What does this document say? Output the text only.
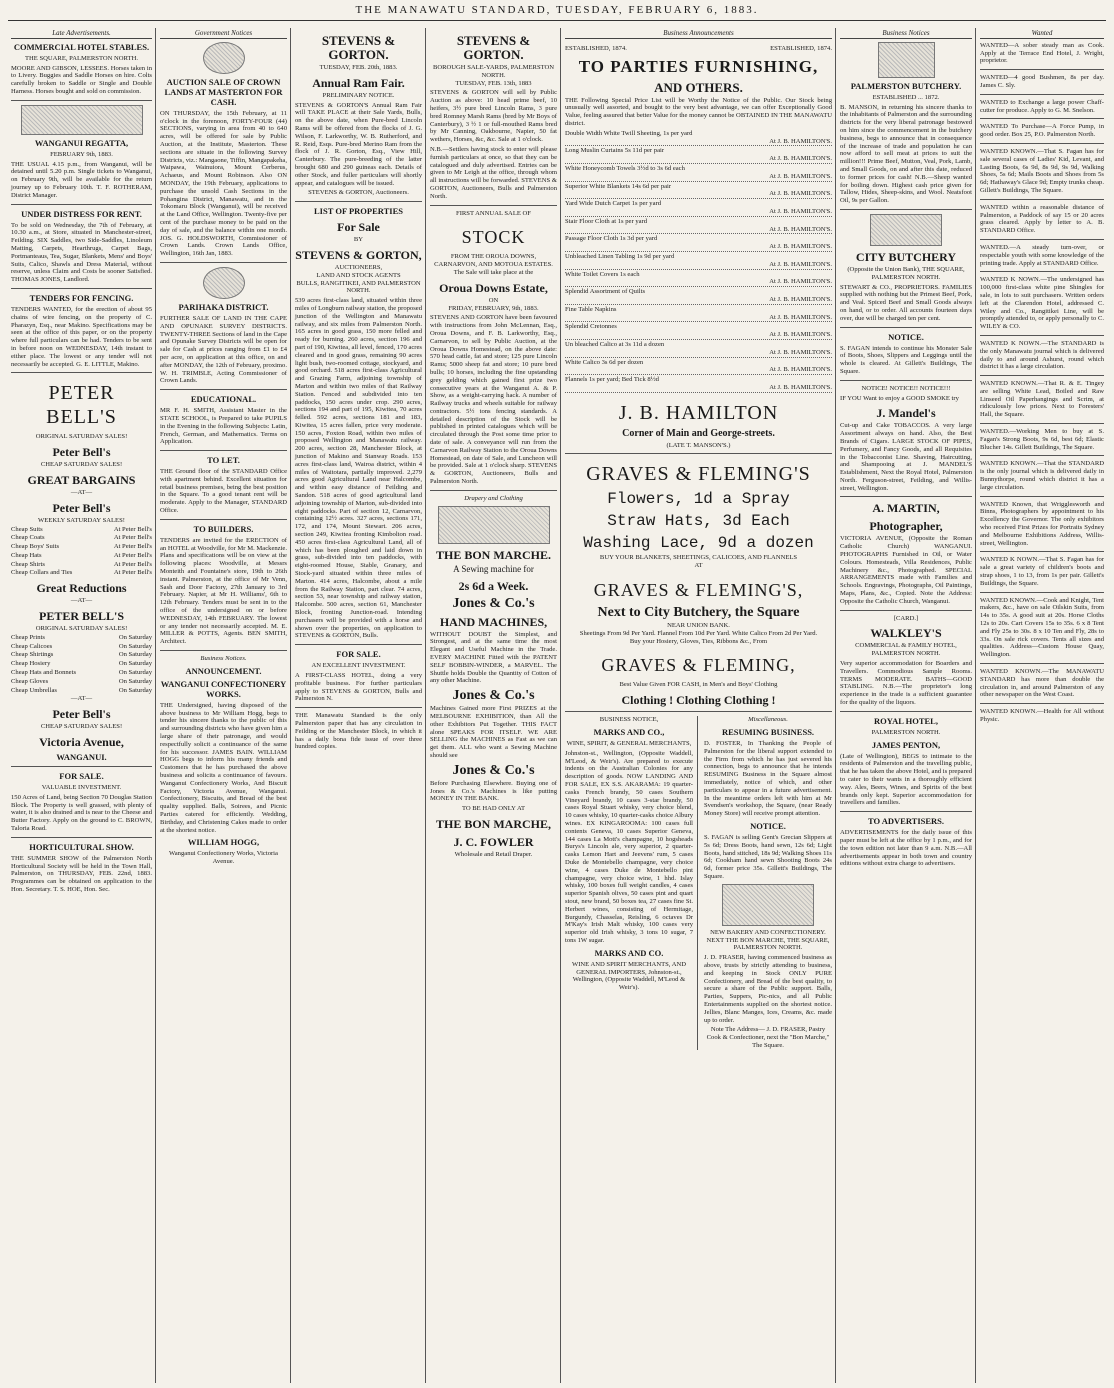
THE MANAWATU STANDARD, TUESDAY, FEBRUARY 6, 1883.
Late Advertisements.
COMMERCIAL HOTEL STABLES.
THE SQUARE, PALMERSTON NORTH.
MOORE AND GIBSON, LESSEES. Horses taken in to Livery. Buggies and Saddle Horses on hire. Colts carefully broken to Saddle or Single and Double Harness. Horses bought and sold on commission.
WANGANUI REGATTA,
FEBRUARY 9th, 1883.
THE USUAL 4.15 p.m., from Wanganui, will be detained until 5.20 p.m. Single tickets to Wanganui, on February 9th, will be available for the return journey up to February 10th. T. F. ROTHERAM, District Manager.
UNDER DISTRESS FOR RENT.
To be sold on Wednesday, the 7th of February, at 10.30 a.m., at Store, situated in Manchester-street, Feilding. SIX Saddles, two Side-Saddles, Linoleum Matting, Carpets, Hearthrugs, Carpet Bags, Portmanteaus, Tea, Sugar, Blankets, Mens' and Boys' Suits, Calico, Shawls and Dress Material, without reserve, unless Claim and Costs be sooner Satisfied. THOMAS JONES, Landlord.
TENDERS FOR FENCING.
TENDERS WANTED, for the erection of about 95 chains of wire fencing, on the property of C. Pharazyn, Esq., near Makino. Specifications may be seen at the office of this paper, or on the property where full particulars can be had. Tenders to be sent in before noon on WEDNESDAY, 14th instant to either place. The lowest or any tender will not necessarily be accepted. G. E. LITTLE, Makino.
PETER BELL'S
ORIGINAL SATURDAY SALES!
Peter Bell's
CHEAP SATURDAY SALES!
GREAT BARGAINS
—AT—
Peter Bell's
WEEKLY SATURDAY SALES!
Cheap Suits	At Peter Bell's
Cheap Coats	At Peter Bell's
Cheap Boys' Suits	At Peter Bell's
Cheap Hats	At Peter Bell's
Cheap Shirts	At Peter Bell's
Cheap Collars and Ties	At Peter Bell's
Great Reductions
—AT—
PETER BELL'S
ORIGINAL SATURDAY SALES!
Cheap Prints	On Saturday
Cheap Calicoes	On Saturday
Cheap Shirtings	On Saturday
Cheap Hosiery	On Saturday
Cheap Hats and Bonnets	On Saturday
Cheap Gloves	On Saturday
Cheap Umbrellas	On Saturday
—AT—
Peter Bell's
CHEAP SATURDAY SALES!
Victoria Avenue,
WANGANUI.
FOR SALE.
VALUABLE INVESTMENT.
150 Acres of Land, being Section 70 Douglas Station Block. The Property is well grassed, with plenty of water, it is also drained and is near to the Cheese and Butter Factory. Apply on the ground to C. BROWN, Taloria Road.
HORTICULTURAL SHOW.
THE SUMMER SHOW of the Palmerston North Horticultural Society will be held in the Town Hall, Palmerston, on THURSDAY, FEB. 22nd, 1883. Programmes can be obtained on application to the Hon. Secretary. T. S. HOE, Hon. Sec.
Government Notices
AUCTION SALE OF CROWN LANDS AT MASTERTON FOR CASH.
ON THURSDAY, the 15th February, at 11 o'clock in the forenoon, FORTY-FOUR (44) SECTIONS, varying in area from 40 to 640 acres, will be offered for sale by Public Auction, at the Institute, Masterton. These sections are situate in the following Survey Districts, viz.: Mangaone, Tiffin, Mangapakeha, Waipawa, Wainuiora, Mount Cerberus, Achaeus, and Mount Robinson. Also ON MONDAY, the 19th February, applications to purchase the unsold Cash Sections in the Pohangina District, Manawatu, and in the Tokomaru Block (Wanganui), will be received at the Land Office, Wellington. Twenty-five per cent of the purchase money to be paid on the day of sale, and the balance within one month. JOS. G. HOLDSWORTH, Commissioner of Crown Lands. Crown Lands Office, Wellington, 16th Jan, 1883.
PARIHAKA DISTRICT.
FURTHER SALE OF LAND IN THE CAPE AND OPUNAKE SURVEY DISTRICTS. TWENTY-THREE Sections of land in the Cape and Opunake Survey Districts will be open for sale for Cash at prices ranging from £1 to £4 per acre, on application at this office, on and after MONDAY, the 12th of February, proximo. W. H. TRIMBLE, Acting Commissioner of Crown Lands.
EDUCATIONAL.
MR F. H. SMITH, Assistant Master in the STATE SCHOOL, is Prepared to take PUPILS in the Evening in the following Subjects: Latin, French, German, and Mathematics. Terms on Application.
TO LET.
THE Ground floor of the STANDARD Office with apartment behind. Excellent situation for retail business premises, being the best position in the Square. To a good tenant rent will be moderate. Apply to the Manager, STANDARD Office.
TO BUILDERS.
TENDERS are invited for the ERECTION of an HOTEL at Woodville, for Mr M. Mackenzie. Plans and specifications will be on view at the following places: Woodville, at Messrs Monteith and Fountaine's store, 19th to 26th instant. Palmerston, at the office of Mr Venn, Sash and Door Factory, 27th January to 3rd February. Napier, at Mr H. Williams', 6th to 12th February. Tenders must be sent in to the office of the undersigned on or before WEDNESDAY, 14th FEBRUARY. The lowest or any tender not necessarily accepted. M. E. MILLER & POTTS, Agents. BEN SMITH, Architect.
Business Notices.
ANNOUNCEMENT.
WANGANUI CONFECTIONERY WORKS.
THE Undersigned, having disposed of the above business to Mr William Hogg, begs to tender his sincere thanks to the public of this and surrounding districts who have given him a large share of their patronage, and would respectfully solicit a continuance of the same for his successor. JAMES BAIN. WILLIAM HOGG begs to inform his many friends and Customers that he has purchased the above business and solicits a continuance of favours. Wanganui Confectionery Works, And Biscuit Factory, Victoria Avenue, Wanganui. Confectionery, Biscuits, and Bread of the best quality supplied. Balls, Soirees, and Picnic Parties catered for efficiently. Wedding, Birthday, and Christening Cakes made to order at the shortest notice.
WILLIAM HOGG,
Wanganui Confectionery Works, Victoria Avenue.
STEVENS & GORTON.
TUESDAY, FEB. 20th, 1883.
Annual Ram Fair.
PRELIMINARY NOTICE.
STEVENS & GORTON'S Annual Ram Fair will TAKE PLACE at their Sale Yards, Bulls, on the above date, when Pure-bred Lincoln Rams will be offered from the flocks of J. G. Wilson, F. Larkworthy, W. B. Rutherford, and R. Reid, Esqs. Pure-bred Merino Ram from the flock of J. R. Gorton, Esq., View Hill, Canterbury. The pure-breeding of the latter brought 680 and 290 guineas each. Details of other Stock, and fuller particulars will shortly appear, and catalogues will be issued.
STEVENS & GORTON, Auctioneers.
LIST OF PROPERTIES
For Sale
BY
STEVENS & GORTON,
AUCTIONEERS,
LAND AND STOCK AGENTS
BULLS, RANGITIKEI, AND PALMERSTON NORTH.
539 acres first-class land, situated within three miles of Longburn railway station, the proposed junction of the Wellington and Manawatu railway, and six miles from Palmerston North. 165 acres in good grass, 150 more felled and ready for burning. 260 acres, section 196 and part of 190, Kiwitea, all level, fenced, 170 acres cleared and in good grass, remaining 90 acres light bush, two-roomed cottage, stockyard, and good orchard. 518 acres first-class Agricultural and Grazing Farm, adjoining township of Marton and within two miles of that Railway Station. Fenced and subdivided into ten paddocks, 150 acres under crop. 290 acres, sections 194 and part of 195, Kiwitea, 70 acres felled. 592 acres, sections 181 and 183, Kiwitea, 15 acres fallen, price very moderate. 150 acres, Foxton Road, within two miles of proposed Wellington and Manawatu railway. 200 acres, section 28, Manchester Block, at junction of Makino and Stanway Roads. 153 acres first-class land, Wairoa district, within 4 miles of Waitotara, partially improved. 2,279 acres good Agricultural Land near Halcombe, and within easy distance of Feilding and Sandon. 518 acres of good agricultural land adjoining township of Marton, sub-divided into eight paddocks. Part of section 12, Carnarvon, containing 12½ acres. 327 acres, sections 171, 172, and 174, Mount Stewart. 206 acres, section 249, Kiwitea fronting Kimbolton road. 450 acres first-class Agricultural Land, all of which has been ploughed and laid down in grass, sub-divided into ten paddocks, with eight-roomed House, Stable, Granary, and Stock-yard situated within three miles of Marton. 414 acres, Halcombe, about a mile from the Railway Station, part clear. 74 acres, section 53, near township and railway station, Halcombe. 500 acres, section 61, Manchester Block, fronting Junction-road. Intending purchasers will be provided with a horse and shown over the properties, on application to STEVENS & GORTON, Bulls.
FOR SALE.
AN EXCELLENT INVESTMENT.
A FIRST-CLASS HOTEL, doing a very profitable business. For further particulars apply to STEVENS & GORTON, Bulls and Palmerston N.
THE Manawatu Standard is the only Palmerston paper that has any circulation in Feilding or the Manchester Block, in which it has a daily bona fide issue of over three hundred copies.
STEVENS & GORTON.
BOROUGH SALE-YARDS, PALMERSTON NORTH.
TUESDAY, FEB. 13th, 1883
STEVENS & GORTON will sell by Public Auction as above: 10 head prime beef, 10 heifers, 3½ pure bred Lincoln Rams, 3 pure bred Romney Marsh Rams (bred by Mr Boys of Canterbury), 3 ½ 1 or full-mouthed Rams bred by Mr Canning, Oakbourne, Napier, 50 fat wethers, Horses, &c, &c. Sale at 1 o'clock.
N.B.—Settlers having stock to enter will please furnish particulars at once, so that they can be catalogued and duly advertised. Entries can be given to Mr Leigh at the office, through whom all instructions will be forwarded. STEVENS & GORTON, Auctioneers, Bulls and Palmerston North.
FIRST ANNUAL SALE OF
STOCK
FROM THE OROUA DOWNS, CARNARVON, AND MOTOUA ESTATES.
The Sale will take place at the
Oroua Downs Estate,
ON
FRIDAY, FEBRUARY, 9th, 1883.
STEVENS AND GORTON have been favoured with instructions from John McLennan, Esq., Oroua Downs, and F. B. Larkworthy, Esq., Carnarvon, to sell by Public Auction, at the Oroua Downs Homestead, on the above date: 570 head cattle, fat and store; 125 pure Lincoln Rams; 5000 sheep fat and store; 10 pure bred bulls; 10 horses, including the fine upstanding grey gelding which gained first prize two consecutive years at the Wanganui A. & P. Show, as a weight-carrying hack. A number of Railway trucks and wheels suitable for railway contractors. 5½ tons fencing standards. A detailed description of the Stock will be published in printed catalogues which will be circulated through the Post some time prior to date of sale. A conveyance will run from the Carnarvon Railway Station to the Oroua Downs Homestead, on date of Sale, and Luncheon will be provided. Sale at 1 o'clock sharp. STEVENS & GORTON, Auctioneers, Bulls and Palmerston North.
Drapery and Clothing
THE BON MARCHE.
A Sewing machine for
2s 6d a Week.
Jones & Co.'s
HAND MACHINES,
WITHOUT DOUBT the Simplest, and Strongest, and at the same time the most Elegant and Useful Machine in the Trade. EVERY MACHINE Fitted with the PATENT SELF BOBBIN-WINDER, a MARVEL. The Shuttle holds Double the Quantity of Cotton of any other Machine.
Jones & Co.'s
Machines Gained more First PRIZES at the MELBOURNE EXHIBITION, than All the other Exhibitors Put Together. THIS FACT alone SPEAKS FOR ITSELF. WE ARE SELLING the MACHINES as Fast as we can get them. ALL who want a Sewing Machine should see
Jones & Co.'s
Before Purchasing Elsewhere. Buying one of Jones & Co.'s Machines is like putting MONEY IN THE BANK.
TO BE HAD ONLY AT
THE BON MARCHE,
J. C. FOWLER
Wholesale and Retail Draper.
Business Announcements
ESTABLISHED, 1874.	ESTABLISHED, 1874.
TO PARTIES FURNISHING,
AND OTHERS.
THE Following Special Price List will be Worthy the Notice of the Public. Our Stock being unusually well assorted, and bought to the very best advantage, we can offer Exceptionally Good Value, feeling assured that better Value for the money cannot be OBTAINED IN THE MANAWATU district.
Double Width White Twill Sheeting, 1s per yard
At J. B. HAMILTON'S.
Long Muslin Curtains 5s 11d per pair
At J. B. HAMILTON'S.
White Honeycomb Towels 3½d to 3s 6d each
At J. B. HAMILTON'S.
Superior White Blankets 14s 6d per pair
At J. B. HAMILTON'S.
Yard Wide Dutch Carpet 1s per yard
At J. B. HAMILTON'S.
Stair Floor Cloth at 1s per yard
At J. B. HAMILTON'S.
Passage Floor Cloth 1s 3d per yard
At J. B. HAMILTON'S.
Unbleached Linen Tabling 1s 9d per yard
At J. B. HAMILTON'S.
White Toilet Covers 1s each
At J. B. HAMILTON'S.
Splendid Assortment of Quilts
At J. B. HAMILTON'S.
Fine Table Napkins
At J. B. HAMILTON'S.
Splendid Cretonnes
At J. B. HAMILTON'S.
Un bleached Calico at 3s 11d a dozen
At J. B. HAMILTON'S.
White Calico 3s 6d per dozen
At J. B. HAMILTON'S.
Flannels 1s per yard; Bed Tick 8½d
At J. B. HAMILTON'S.
J. B. HAMILTON
Corner of Main and George-streets.
(LATE T. MANSON'S.)
GRAVES & FLEMING'S
Flowers, 1d a Spray
Straw Hats, 3d Each
Washing Lace, 9d a dozen
BUY YOUR BLANKETS, SHEETINGS, CALICOES, AND FLANNELS
AT
GRAVES & FLEMING'S,
Next to City Butchery, the Square
NEAR UNION BANK.
Sheetings From 9d Per Yard. Flannel From 10d Per Yard. White Calico From 2d Per Yard.
Buy your Hosiery, Gloves, Ties, Ribbons &c., From
GRAVES & FLEMING,
Best Value Given FOR CASH, in Men's and Boys' Clothing
Clothing ! Clothing Clothing !
BUSINESS NOTICE,
MARKS AND CO.,
WINE, SPIRIT, & GENERAL MERCHANTS,
Johnston-st., Wellington, (Opposite Waddell, M'Leod, & Weir's). Are prepared to execute indents on the Australian Colonies for any description of goods. NOW LANDING AND FOR SALE, EX S.S. AKARAMA: 19 quarter-casks French brandy, 50 cases Southern Vineyard brandy, 10 cases 3-star brandy, 50 cases Royal Stuart whisky, very choice blend, 10 cases whisky, 10 quarter-casks choice Albury wines. EX KINGAROOMA: 100 cases full contents Geneva, 10 cases Superior Geneva, 144 cases La Mott's champagne, 10 hogsheads Burys's Lincoln ale, very superior, 2 quarter-casks Lemon Hart and Jeevens' rum, 5 cases Duke de Montebello champagne, very choice wine, 4 cases Duke de Montebello pint champagne, very choice wine, 1 hhd. Islay whisky, 100 boxes full weight candles, 4 cases superior Spanish olives, 50 cases pint and quart stout, new brand, 50 boxes tea, 27 cases fine St. Herbert wines, consisting of Hermitage, Burgundy, Chasselas, Reisling, 6 octaves Dr M'Kay's Irish Malt whisky, 100 cases very superior old Irish whisky, 3 tons 10 sugar, 7 tons 1W sugar.
MARKS AND CO.
WINE AND SPIRIT MERCHANTS, AND GENERAL IMPORTERS, Johnston-st., Wellington, (Opposite Waddell, M'Leod & Weir's).
Miscellaneous.
RESUMING BUSINESS.
D. FOSTER, In Thanking the People of Palmerston for the liberal support extended to the Firm from which he has just severed his connection, begs to announce that he intends RESUMING Business in the Square almost immediately, notice of which, and other particulars to appear in a future advertisement. In the meantime orders left with him at Mr Svendsen's workshop, the Square, (near Ready Money Store) will receive prompt attention.
NOTICE.
S. FAGAN is selling Gent's Grecian Slippers at 5s 6d; Dress Boots, hand sewn, 12s 6d; Light Boots, hand stitched, 18s 9d; Walking Shoes 11s 6d; Cookham hand sewn Shooting Boots 24s 6d, former price 35s. Gillett's Buildings, The Square.
NEW BAKERY AND CONFECTIONERY.
NEXT THE BON MARCHE, THE SQUARE, PALMERSTON NORTH.
J. D. FRASER, having commenced business as above, trusts by strictly attending to business, and keeping in Stock ONLY PURE Confectionery, and Bread of the best quality, to secure a share of the Public support. Balls, Parties, Suppers, Pic-nics, and all Public Entertainments supplied on the shortest notice. Jellies, Blanc Manges, Ices, Creams, &c. made up to order.
Note The Address— J. D. FRASER, Pastry Cook & Confectioner, next the "Bon Marche," The Square.
Business Notices
PALMERSTON BUTCHERY.
ESTABLISHED ... 1872.
B. MANSON, in returning his sincere thanks to the inhabitants of Palmerston and the surrounding districts for the very liberal patronage bestowed on him since the commencement in the butchery business, begs to announce that in consequence of the increase of trade and population he can now afford to sell meat at prices to suit the million!!! Prime Beef, Mutton, Veal, Pork, Lamb, and Small Goods, on and after this date, reduced to former prices for cash! N.B.—Sheep wanted for boiling down. Highest cash price given for Tallow, Hides, Sheep-skins, and Wool. Neatsfoot Oil, 9s per Gallon.
CITY BUTCHERY
(Opposite the Union Bank), THE SQUARE, PALMERSTON NORTH.
STEWART & CO., PROPRIETORS. FAMILIES supplied with nothing but the Primest Beef, Pork, and Veal. Spiced Beef and Small Goods always on hand, or to order. All accounts fourteen days over, due will be charged ten per cent.
NOTICE.
S. FAGAN intends to continue his Monster Sale of Boots, Shoes, Slippers and Leggings until the whole is cleared. At Gillett's Buildings, The Square.
NOTICE! NOTICE!! NOTICE!!!
IF YOU Want to enjoy a GOOD SMOKE try
J. Mandel's
Cut-up and Cake TOBACCOS. A very large Assortment always on hand. Also, the Best Brands of Cigars. LARGE STOCK OF PIPES, Perfumery, and Fancy Goods, and all Requisites in the Tobacconist Line. Shaving, Haircutting, and Shampooing at J. MANDEL'S Establishment, Next the Royal Hotel, Palmerston North. Ferguson-street, Feilding, and Willis-street, Wellington.
A. MARTIN,
Photographer,
VICTORIA AVENUE, (Opposite the Roman Catholic Church) WANGANUI. PHOTOGRAPHS Furnished in Oil, or Water Colours. Homesteads, Villa Residences, Public Machinery &c., Photographed. SPECIAL ARRANGEMENTS made with Families and Schools. Engravings, Photographs, Oil Paintings, Maps, Plans, &c., Copied. Note the Address: Opposite the Catholic Church, Wanganui.
[CARD.]
WALKLEY'S
COMMERCIAL & FAMILY HOTEL, PALMERSTON NORTH.
Very superior accommodation for Boarders and Travellers. Commodious Sample Rooms. TERMS MODERATE. BATHS—GOOD STABLING. N.B.—The proprietor's long experience in the trade is a sufficient guarantee for the quality of the liquors.
ROYAL HOTEL,
PALMERSTON NORTH.
JAMES PENTON,
(Late of Wellington), BEGS to intimate to the residents of Palmerston and the travelling public, that he has taken the above Hotel, and is prepared to cater to their wants in a thoroughly efficient way. Ales, Beers, Wines, and Spirits of the best brands only kept. Superior accommodation for travellers and families.
TO ADVERTISERS.
ADVERTISEMENTS for the daily issue of this paper must be left at the office by 1 p.m., and for the town edition not later than 9 a.m. N.B.—All advertisements appear in both town and country editions without extra charge to advertisers.
Wanted
WANTED—A sober steady man as Cook. Apply at the Terrace End Hotel, J. Wright, proprietor.
WANTED—4 good Bushmen, 8s per day. James C. Sly.
WANTED to Exchange a large power Chaff-cutter for produce. Apply to G. M. Snelson.
WANTED To Purchase—A Force Pump, in good order. Box 25, P.O. Palmerston North.
WANTED KNOWN.—That S. Fagan has for sale several cases of Ladies' Kid, Levant, and Lasting Boots, 6s 9d, 8s 9d, 9s 9d, Walking Shoes, 5s 6d; Mails Boots and Shoes from 5s 6d; Hathaway's Glace 9d; Empty trunks cheap. Gillett's Buildings, The Square.
WANTED within a reasonable distance of Palmerston, a Paddock of say 15 or 20 acres grass cleared. Apply by letter to A. B. STANDARD Office.
WANTED.—A steady turn-over, or respectable youth with some knowledge of the printing trade. Apply at STANDARD Office.
WANTED K NOWN.—The undersigned has 100,000 first-class white pine Shingles for sale, in lots to suit purchasers. Written orders left at the Clarendon Hotel, addressed C. Wiley and Co., Rangitikei Line, will be promptly attended to, or apply personally to C. WILEY & CO.
WANTED K NOWN.—The STANDARD is the only Manawatu journal which is delivered daily to and around Ashurst, round which district it has a large circulation.
WANTED KNOWN.—That R. & E. Tingey are selling White Lead, Boiled and Raw Linseed Oil Paperhangings and Scrim, at ridiculously low prices. Next to Foresters' Hall, the Square.
WANTED.—Working Men to buy at S. Fagan's Strong Boots, 9s 6d, best 6d; Elastic Blucher 14s. Gillett Buildings, The Square.
WANTED KNOWN.—That the STANDARD is the only journal which is delivered daily in Bunnythorpe, round which district it has a large circulation.
WANTED Known, that Wrigglesworth and Binns, Photographers by appointment to his Excellency the Governor. The only exhibitors who received First Prizes for Portraits Sydney and Melbourne Exhibitions Address, Willis-street, Wellington.
WANTED K NOWN.—That S. Fagan has for sale a great variety of children's boots and strap shoes, 1 to 13, from 1s per pair. Gillett's Buildings, the Square.
WANTED KNOWN.—Cook and Knight, Tent makers, &c., have on sale Oilskin Suits, from 14s to 35s. A good suit at 20s. Horse Cloths 12s to 20s. Cart Covers 15s to 35s. 6 x 8 Tent and Fly 25s to 30s. 8 x 10 Ten and Fly, 28s to 33s. On sale rick covers. Tents all sizes and qualities. Address—Custom House Quay, Wellington.
WANTED KNOWN.—The MANAWATU STANDARD has more than double the circulation in, and around Palmerston of any other newspaper on the West Coast.
WANTED KNOWN.—Health for All without Physic.
